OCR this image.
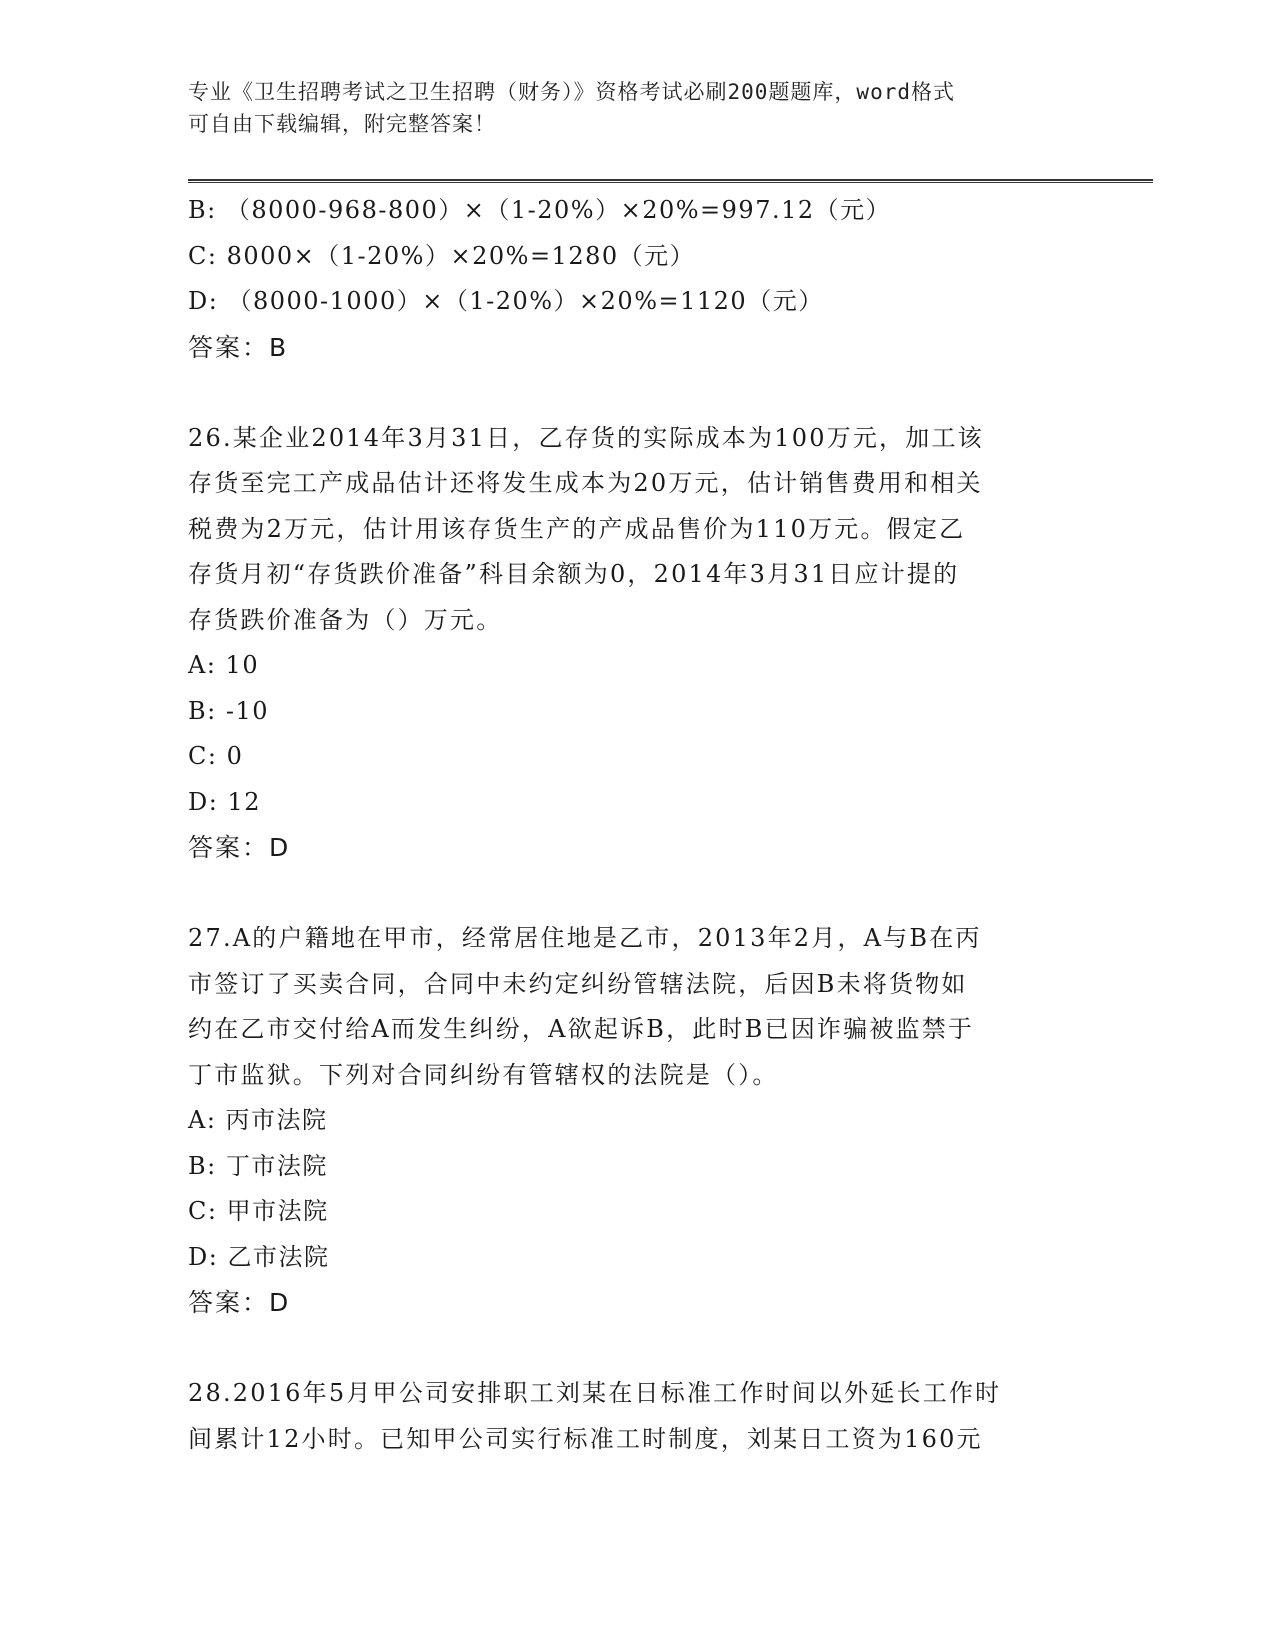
专业《卫生招聘考试之卫生招聘（财务）》资格考试必刷200题题库，word格式
可自由下载编辑，附完整答案！
B: （8000-968-800）×（1-20%）×20%=997.12（元）
C: 8000×（1-20%）×20%=1280（元）
D: （8000-1000）×（1-20%）×20%=1120（元）
答案：B
26.某企业2014年3月31日，乙存货的实际成本为100万元，加工该
存货至完工产成品估计还将发生成本为20万元，估计销售费用和相关
税费为2万元，估计用该存货生产的产成品售价为110万元。假定乙
存货月初“存货跌价准备”科目余额为0，2014年3月31日应计提的
存货跌价准备为（）万元。
A: 10
B: -10
C: 0
D: 12
答案：D
27.A的户籍地在甲市，经常居住地是乙市，2013年2月，A与B在丙
市签订了买卖合同，合同中未约定纠纷管辖法院，后因B未将货物如
约在乙市交付给A而发生纠纷，A欲起诉B，此时B已因诈骗被监禁于
丁市监狱。下列对合同纠纷有管辖权的法院是（）。
A: 丙市法院
B: 丁市法院
C: 甲市法院
D: 乙市法院
答案：D
28.2016年5月甲公司安排职工刘某在日标准工作时间以外延长工作时
间累计12小时。已知甲公司实行标准工时制度，刘某日工资为160元
